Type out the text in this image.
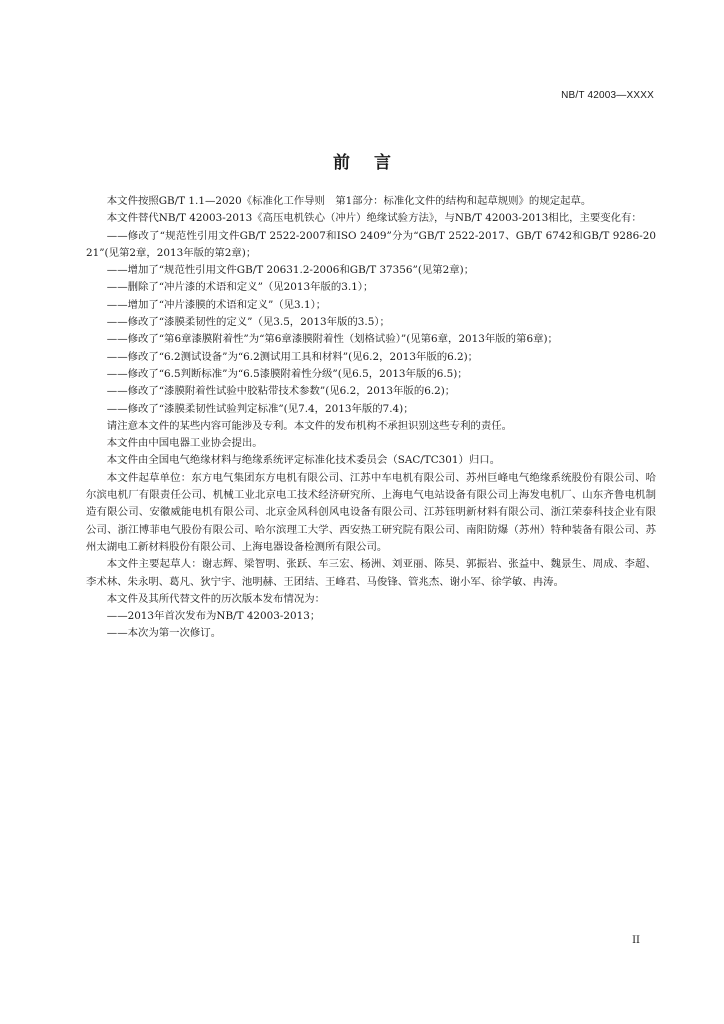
NB/T 42003—XXXX
前言

本文件按照GB/T 1.1—2020《标准化工作导则　第1部分：标准化文件的结构和起草规则》的规定起草。

本文件替代NB/T 42003-2013《高压电机铁心（冲片）绝缘试验方法》，与NB/T 42003-2013相比，主要变化有：

——修改了“规范性引用文件GB/T 2522-2007和ISO 2409”分为“GB/T 2522-2017、GB/T 6742和GB/T 9286-2021”(见第2章，2013年版的第2章)；

——增加了“规范性引用文件GB/T 20631.2-2006和GB/T 37356”(见第2章)；

——删除了“冲片漆的术语和定义”（见2013年版的3.1）；

——增加了“冲片漆膜的术语和定义”（见3.1）；

——修改了“漆膜柔韧性的定义”（见3.5，2013年版的3.5）；

——修改了“第6章漆膜附着性”为“第6章漆膜附着性（划格试验）”(见第6章，2013年版的第6章)；

——修改了“6.2测试设备”为“6.2测试用工具和材料”(见6.2，2013年版的6.2)；

——修改了“6.5判断标准”为“6.5漆膜附着性分级”(见6.5，2013年版的6.5)；

——修改了“漆膜附着性试验中胶粘带技术参数”(见6.2，2013年版的6.2)；

——修改了“漆膜柔韧性试验判定标准”(见7.4，2013年版的7.4)；

请注意本文件的某些内容可能涉及专利。本文件的发布机构不承担识别这些专利的责任。

本文件由中国电器工业协会提出。

本文件由全国电气绝缘材料与绝缘系统评定标准化技术委员会（SAC/TC301）归口。

本文件起草单位：东方电气集团东方电机有限公司、江苏中车电机有限公司、苏州巨峰电气绝缘系统股份有限公司、哈尔滨电机厂有限责任公司、机械工业北京电工技术经济研究所、上海电气电站设备有限公司上海发电机厂、山东齐鲁电机制造有限公司、安徽威能电机有限公司、北京金风科创风电设备有限公司、江苏钰明新材料有限公司、浙江荣泰科技企业有限公司、浙江博菲电气股份有限公司、哈尔滨理工大学、西安热工研究院有限公司、南阳防爆（苏州）特种装备有限公司、苏州太湖电工新材料股份有限公司、上海电器设备检测所有限公司。

本文件主要起草人：谢志辉、梁智明、张跃、车三宏、杨洲、刘亚丽、陈昊、郭振岩、张益中、魏景生、周成、李超、李术林、朱永明、葛凡、狄宁宇、池明赫、王团结、王峰君、马俊锋、管兆杰、谢小军、徐学敏、冉涛。

本文件及其所代替文件的历次版本发布情况为：

——2013年首次发布为NB/T 42003-2013；

——本次为第一次修订。

II
